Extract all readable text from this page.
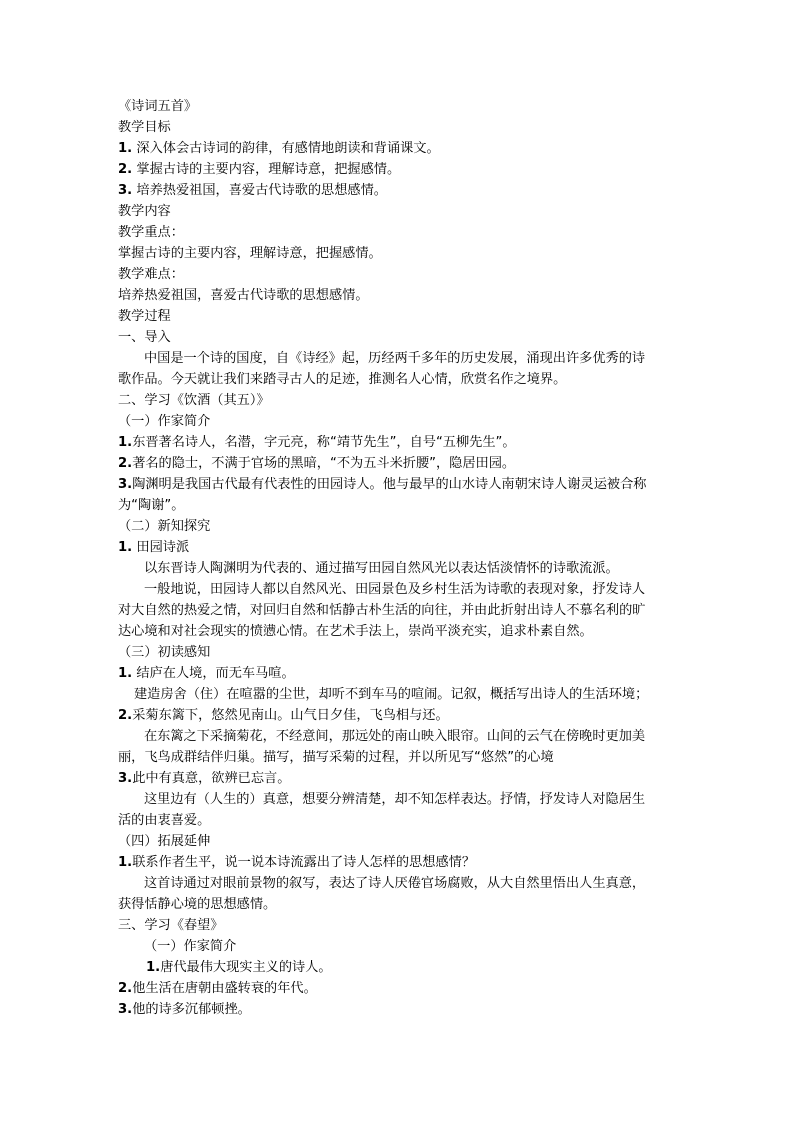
《诗词五首》
教学目标
1. 深入体会古诗词的韵律，有感情地朗读和背诵课文。
2. 掌握古诗的主要内容，理解诗意，把握感情。
3. 培养热爱祖国，喜爱古代诗歌的思想感情。
教学内容
教学重点：
掌握古诗的主要内容，理解诗意，把握感情。
教学难点：
培养热爱祖国，喜爱古代诗歌的思想感情。
教学过程
一、导入
中国是一个诗的国度，自《诗经》起，历经两千多年的历史发展，涌现出许多优秀的诗
歌作品。今天就让我们来踏寻古人的足迹，推测名人心情，欣赏名作之境界。
二、学习《饮酒（其五）》
（一）作家简介
1.东晋著名诗人，名潜，字元亮，称“靖节先生”，自号“五柳先生”。
2.著名的隐士，不满于官场的黑暗，“不为五斗米折腰”，隐居田园。
3.陶渊明是我国古代最有代表性的田园诗人。他与最早的山水诗人南朝宋诗人谢灵运被合称
为“陶谢”。
（二）新知探究
1. 田园诗派
以东晋诗人陶渊明为代表的、通过描写田园自然风光以表达恬淡情怀的诗歌流派。
一般地说，田园诗人都以自然风光、田园景色及乡村生活为诗歌的表现对象，抒发诗人
对大自然的热爱之情，对回归自然和恬静古朴生活的向往，并由此折射出诗人不慕名利的旷
达心境和对社会现实的愤懑心情。在艺术手法上，崇尚平淡充实，追求朴素自然。
（三）初读感知
1. 结庐在人境，而无车马喧。
建造房舍（住）在喧嚣的尘世，却听不到车马的喧闹。记叙，概括写出诗人的生活环境；
2.采菊东篱下，悠然见南山。山气日夕佳，飞鸟相与还。
在东篱之下采摘菊花，不经意间，那远处的南山映入眼帘。山间的云气在傍晚时更加美
丽，飞鸟成群结伴归巢。描写，描写采菊的过程，并以所见写“悠然”的心境
3.此中有真意，欲辨已忘言。
这里边有（人生的）真意，想要分辨清楚，却不知怎样表达。抒情，抒发诗人对隐居生
活的由衷喜爱。
（四）拓展延伸
1.联系作者生平，说一说本诗流露出了诗人怎样的思想感情？
这首诗通过对眼前景物的叙写，表达了诗人厌倦官场腐败，从大自然里悟出人生真意，
获得恬静心境的思想感情。
三、学习《春望》
（一）作家简介
1.唐代最伟大现实主义的诗人。
2.他生活在唐朝由盛转衰的年代。
3.他的诗多沉郁顿挫。
